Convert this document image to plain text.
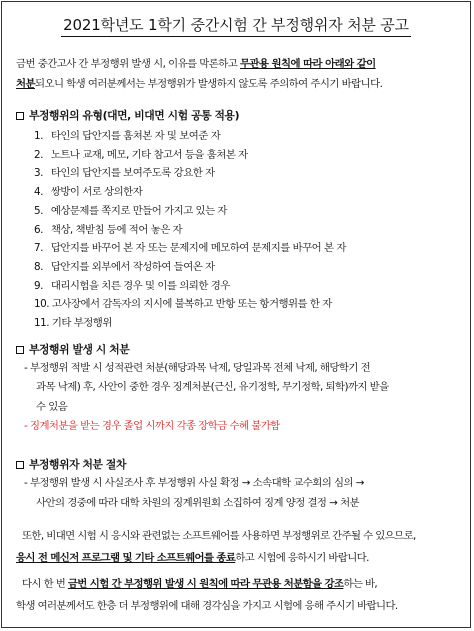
2021학년도 1학기 중간시험 간 부정행위자 처분 공고
금번 중간고사 간 부정행위 발생 시, 이유를 막론하고 무관용 원칙에 따라 아래와 같이
처분되오니 학생 여러분께서는 부정행위가 발생하지 않도록 주의하여 주시기 바랍니다.
부정행위의 유형(대면, 비대면 시험 공통 적용)
1. 타인의 답안지를 훔쳐본 자 및 보여준 자
2. 노트나 교재, 메모, 기타 참고서 등을 훔쳐본 자
3. 타인의 답안지를 보여주도록 강요한 자
4. 쌍방이 서로 상의한자
5. 예상문제를 쪽지로 만들어 가지고 있는 자
6. 책상, 책받침 등에 적어 놓은 자
7. 답안지를 바꾸어 본 자 또는 문제지에 메모하여 문제지를 바꾸어 본 자
8. 답안지를 외부에서 작성하여 들여온 자
9. 대리시험을 치른 경우 및 이를 의뢰한 경우
10. 고사장에서 감독자의 지시에 불복하고 반항 또는 항거행위를 한 자
11. 기타 부정행위
부정행위 발생 시 처분
- 부정행위 적발 시 성적관련 처분(해당과목 낙제, 당일과목 전체 낙제, 해당학기 전
과목 낙제) 후, 사안이 중한 경우 징계처분(근신, 유기정학, 무기정학, 퇴학)까지 받을
수 있음
- 징계처분을 받는 경우 졸업 시까지 각종 장학금 수혜 불가함
부정행위자 처분 절차
- 부정행위 발생 시 사실조사 후 부정행위 사실 확정 → 소속대학 교수회의 심의 →
사안의 경중에 따라 대학 차원의 징계위원회 소집하여 징계 양정 결정 → 처분
또한, 비대면 시험 시 응시와 관련없는 소프트웨어를 사용하면 부정행위로 간주될 수 있으므로,
응시 전 메신저 프로그램 및 기타 소프트웨어를 종료하고 시험에 응하시기 바랍니다.
다시 한 번 금번 시험 간 부정행위 발생 시 원칙에 따라 무관용 처분함을 강조하는 바,
학생 여러분께서도 한층 더 부정행위에 대해 경각심을 가지고 시험에 응해 주시기 바랍니다.
